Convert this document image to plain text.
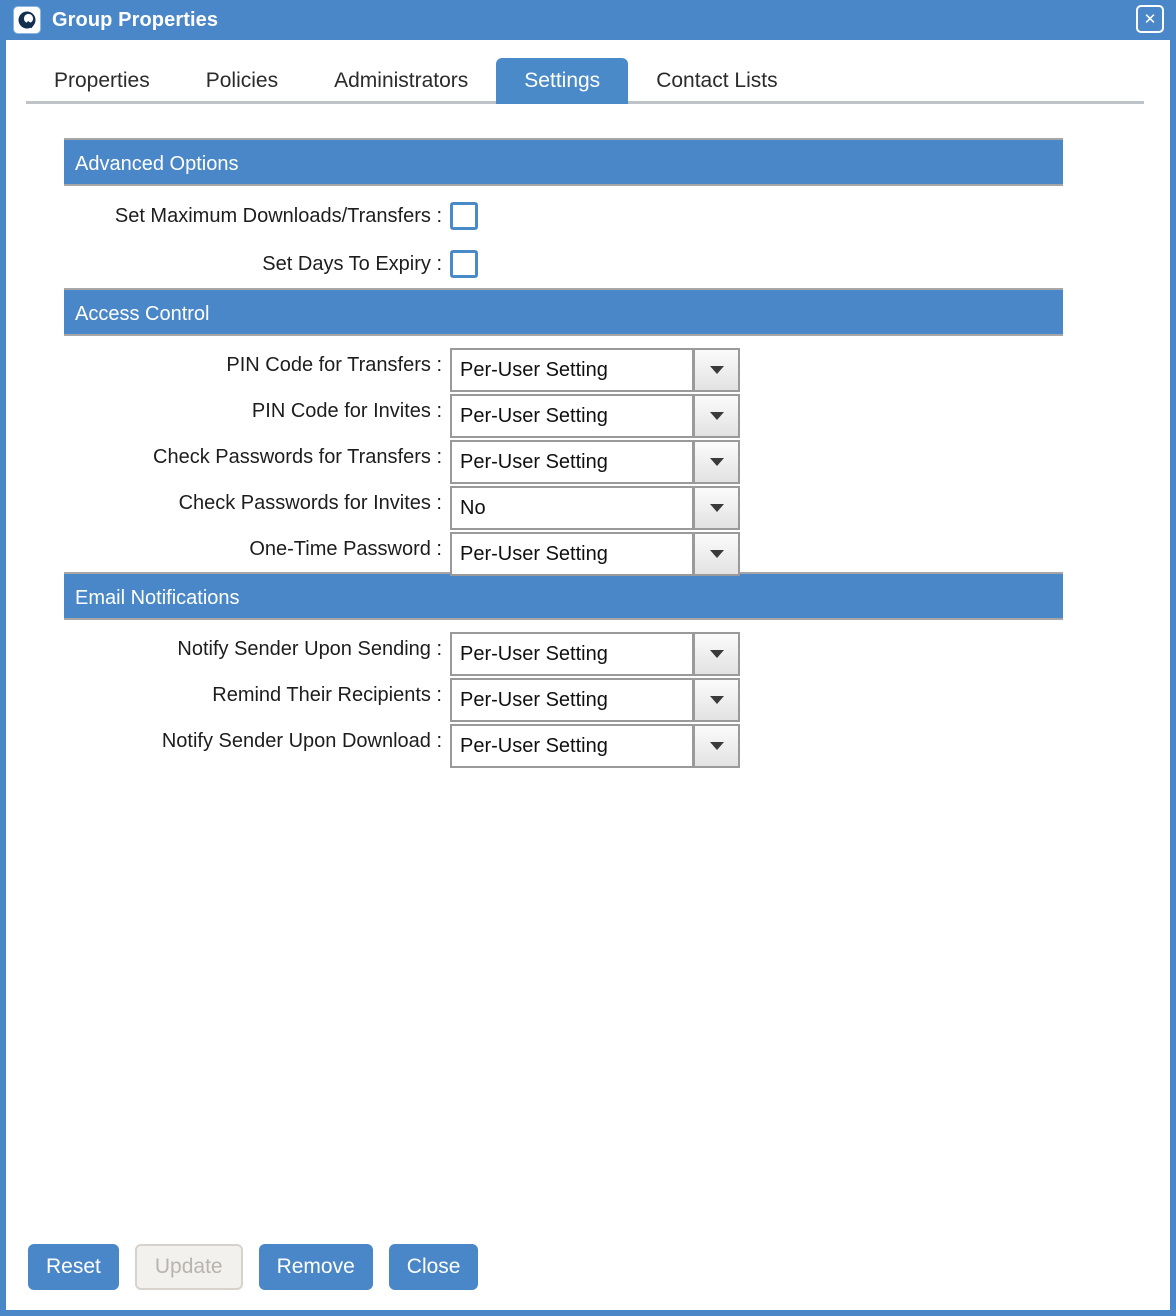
Group Properties	✕
Properties	Policies	Administrators	Settings	Contact Lists
Advanced Options
Set Maximum Downloads/Transfers :
Set Days To Expiry :
Access Control
PIN Code for Transfers : Per-User Setting
PIN Code for Invites : Per-User Setting
Check Passwords for Transfers : Per-User Setting
Check Passwords for Invites : No
One-Time Password : Per-User Setting
Email Notifications
Notify Sender Upon Sending : Per-User Setting
Remind Their Recipients : Per-User Setting
Notify Sender Upon Download : Per-User Setting
Reset	Update	Remove	Close
